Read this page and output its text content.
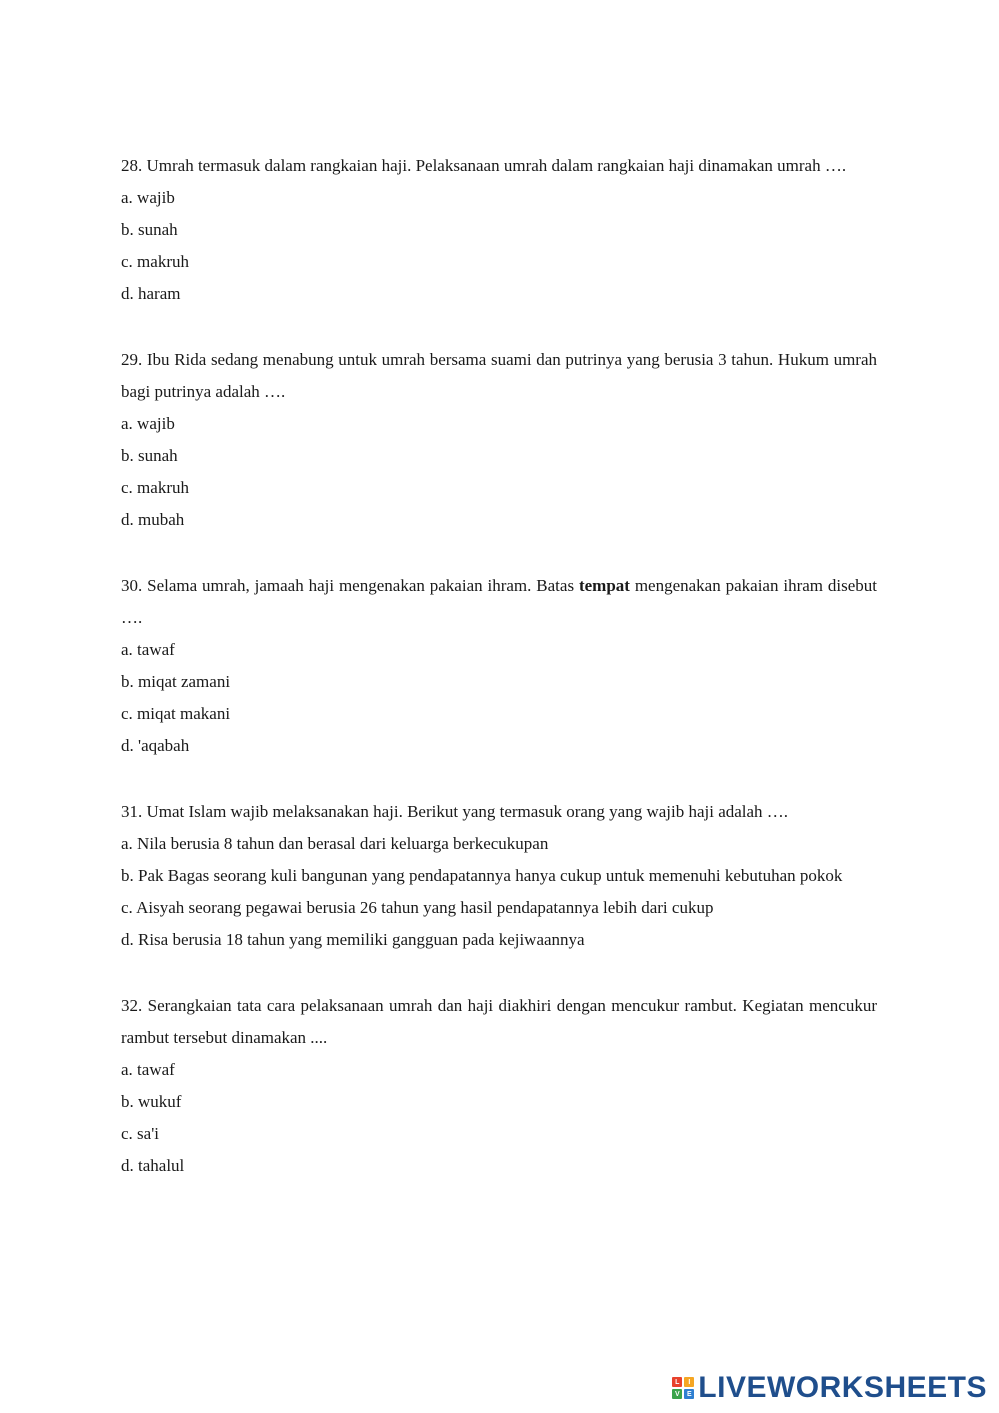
28. Umrah termasuk dalam rangkaian haji. Pelaksanaan umrah dalam rangkaian haji dinamakan umrah ….
a. wajib
b. sunah
c. makruh
d. haram
29. Ibu Rida sedang menabung untuk umrah bersama suami dan putrinya yang berusia 3 tahun. Hukum umrah bagi putrinya adalah ….
a. wajib
b. sunah
c. makruh
d. mubah
30. Selama umrah, jamaah haji mengenakan pakaian ihram. Batas tempat mengenakan pakaian ihram disebut ….
a. tawaf
b. miqat zamani
c. miqat makani
d. 'aqabah
31. Umat Islam wajib melaksanakan haji. Berikut yang termasuk orang yang wajib haji adalah ….
a. Nila berusia 8 tahun dan berasal dari keluarga berkecukupan
b. Pak Bagas seorang kuli bangunan yang pendapatannya hanya cukup untuk memenuhi kebutuhan pokok
c. Aisyah seorang pegawai berusia 26 tahun yang hasil pendapatannya lebih dari cukup
d. Risa berusia 18 tahun yang memiliki gangguan pada kejiwaannya
32. Serangkaian tata cara pelaksanaan umrah dan haji diakhiri dengan mencukur rambut. Kegiatan mencukur rambut tersebut dinamakan ....
a. tawaf
b. wukuf
c. sa'i
d. tahalul
L	I
V	E LIVEWORKSHEETS
